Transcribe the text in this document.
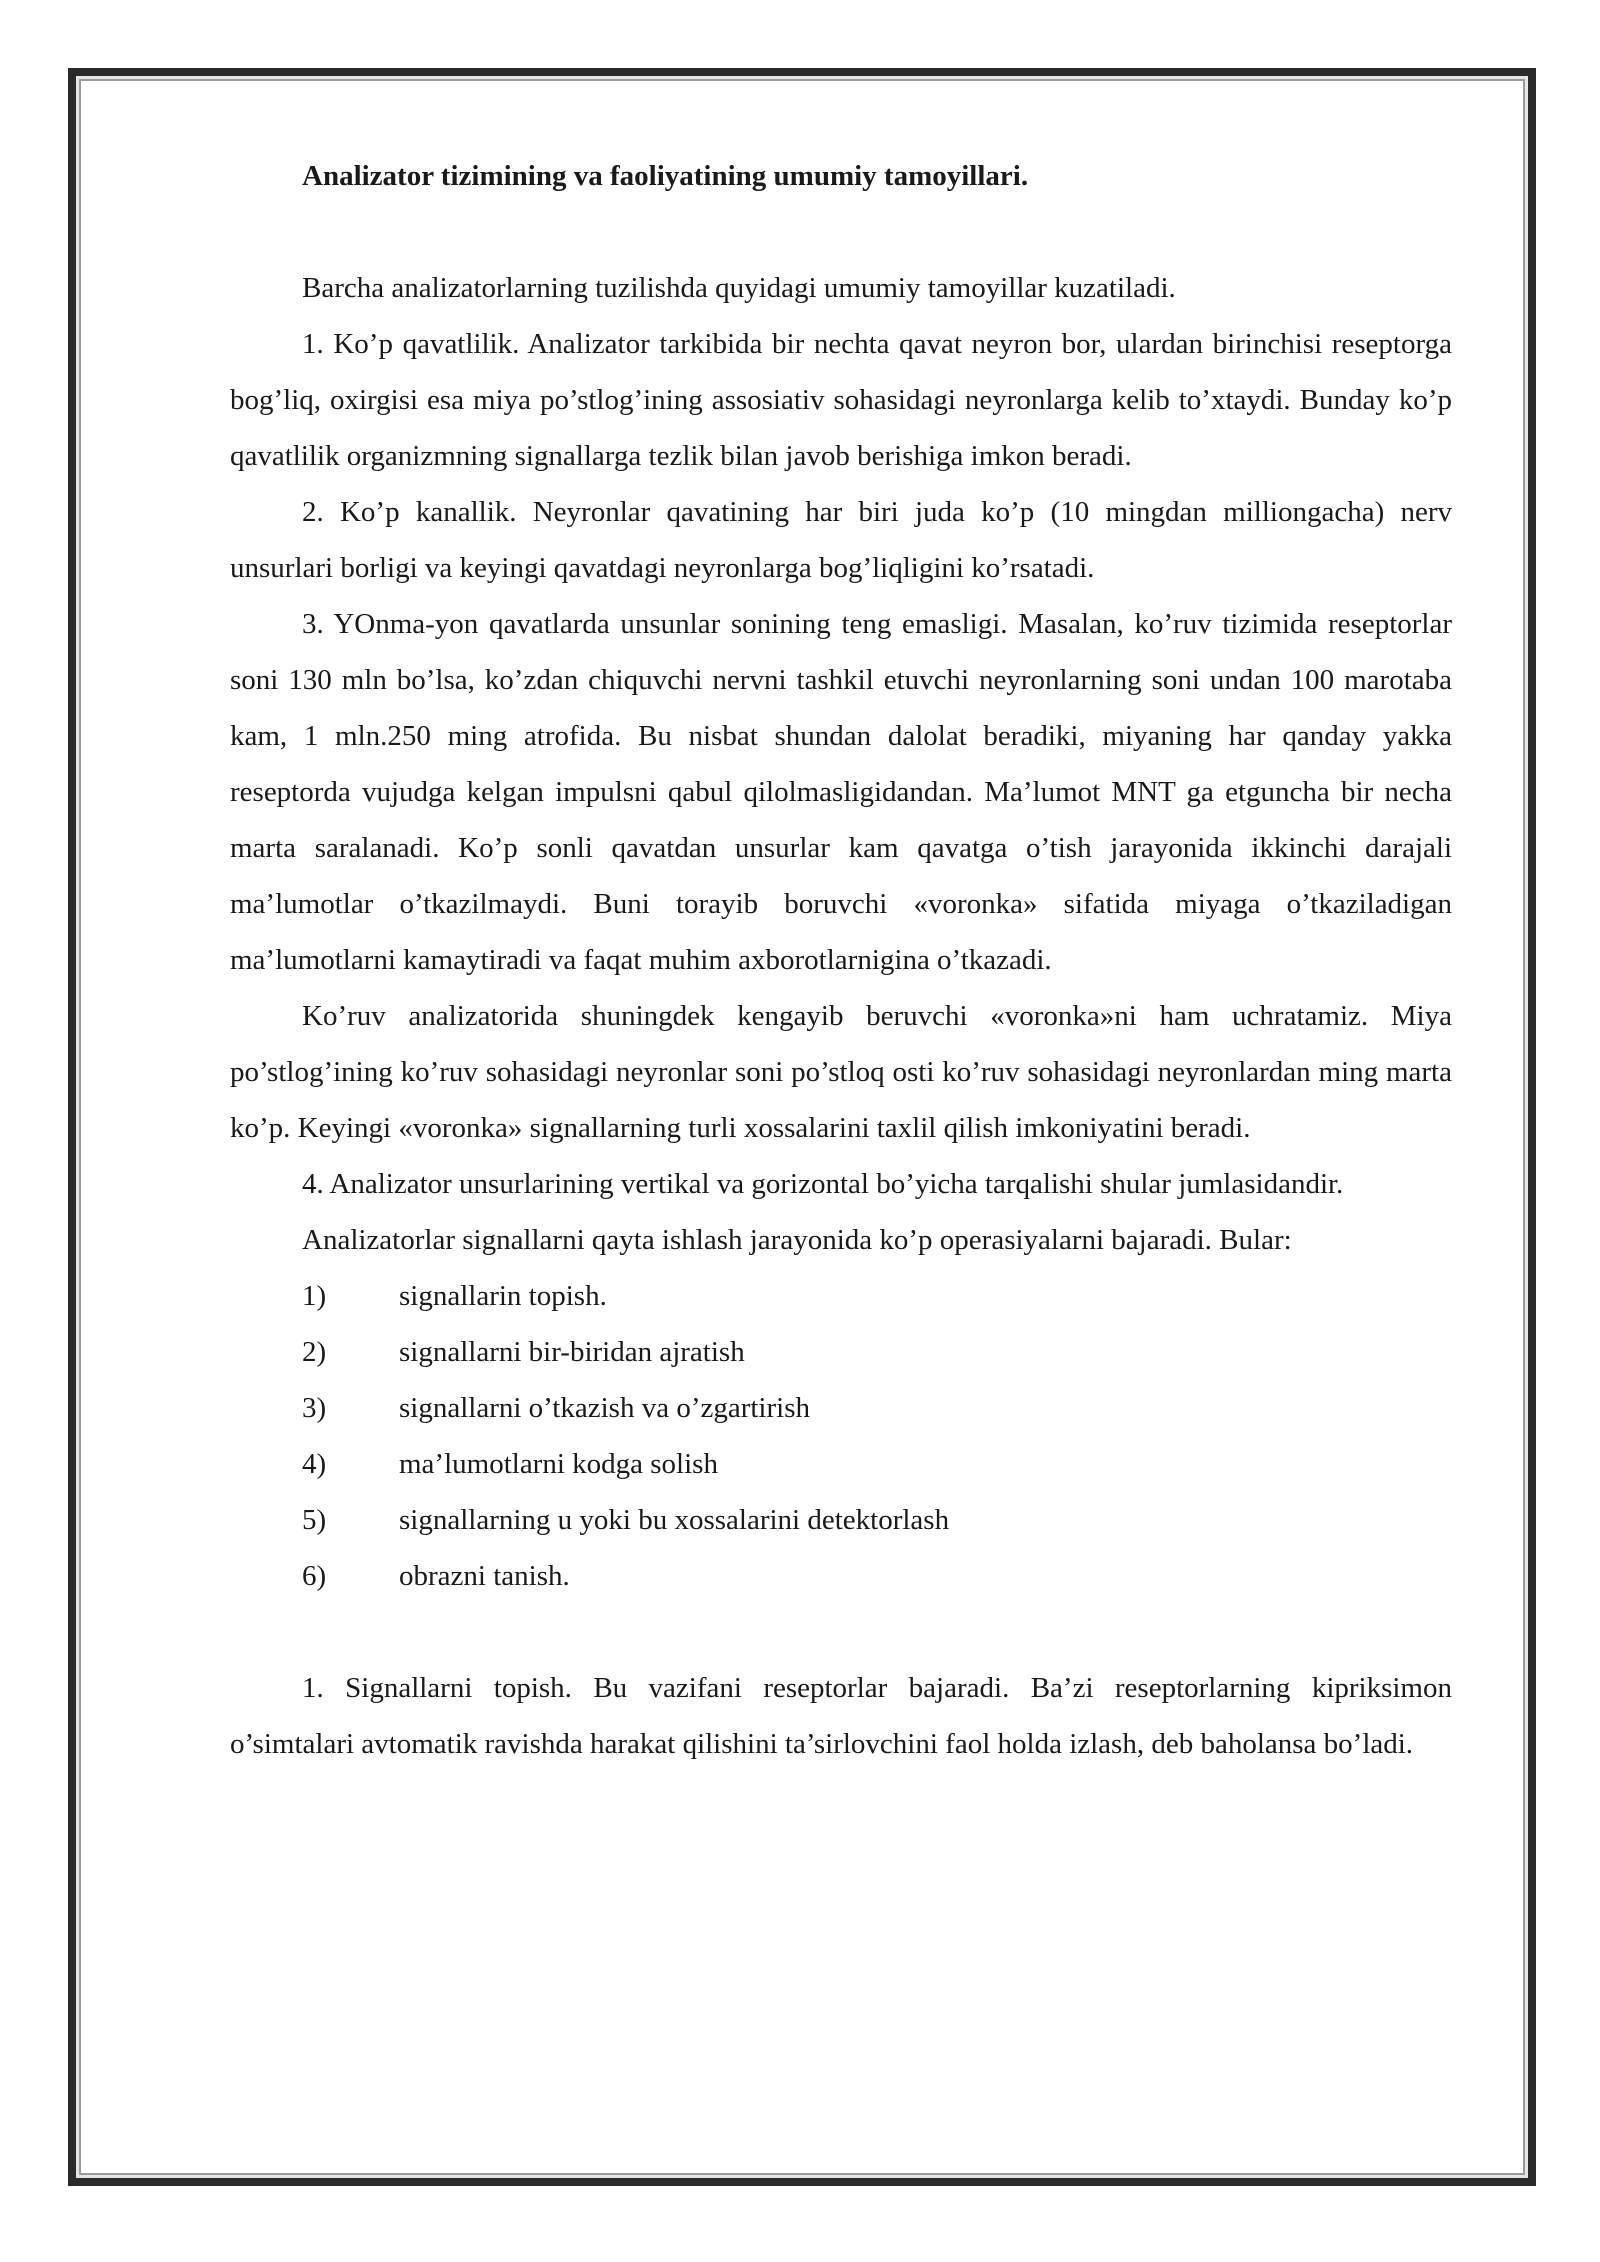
Analizator tizimining va faoliyatining umumiy tamoyillari.

Barcha analizatorlarning tuzilishda quyidagi umumiy tamoyillar kuzatiladi.

1. Ko’p qavatlilik. Analizator tarkibida bir nechta qavat neyron bor, ulardan birinchisi reseptorga bog’liq, oxirgisi esa miya po’stlog’ining assosiativ sohasidagi neyronlarga kelib to’xtaydi. Bunday ko’p qavatlilik organizmning signallarga tezlik bilan javob berishiga imkon beradi.

2. Ko’p kanallik. Neyronlar qavatining har biri juda ko’p (10 mingdan milliongacha) nerv unsurlari borligi va keyingi qavatdagi neyronlarga bog’liqligini ko’rsatadi.

3. YOnma-yon qavatlarda unsunlar sonining teng emasligi. Masalan, ko’ruv tizimida reseptorlar soni 130 mln bo’lsa, ko’zdan chiquvchi nervni tashkil etuvchi neyronlarning soni undan 100 marotaba kam, 1 mln.250 ming atrofida. Bu nisbat shundan dalolat beradiki, miyaning har qanday yakka reseptorda vujudga kelgan impulsni qabul qilolmasligidandan. Ma’lumot MNT ga etguncha bir necha marta saralanadi. Ko’p sonli qavatdan unsurlar kam qavatga o’tish jarayonida ikkinchi darajali ma’lumotlar o’tkazilmaydi. Buni torayib boruvchi «voronka» sifatida miyaga o’tkaziladigan ma’lumotlarni kamaytiradi va faqat muhim axborotlarnigina o’tkazadi.

Ko’ruv analizatorida shuningdek kengayib beruvchi «voronka»ni ham uchratamiz. Miya po’stlog’ining ko’ruv sohasidagi neyronlar soni po’stloq osti ko’ruv sohasidagi neyronlardan ming marta ko’p. Keyingi «voronka» signallarning turli xossalarini taxlil qilish imkoniyatini beradi.

4. Analizator unsurlarining vertikal va gorizontal bo’yicha tarqalishi shular jumlasidandir.

Analizatorlar signallarni qayta ishlash jarayonida ko’p operasiyalarni bajaradi. Bular:

1)	signallarin topish.
2)	signallarni bir-biridan ajratish
3)	signallarni o’tkazish va o’zgartirish
4)	ma’lumotlarni kodga solish
5)	signallarning u yoki bu xossalarini detektorlash
6)	obrazni tanish.

1. Signallarni topish. Bu vazifani reseptorlar bajaradi. Ba’zi reseptorlarning kipriksimon o’simtalari avtomatik ravishda harakat qilishini ta’sirlovchini faol holda izlash, deb baholansa bo’ladi.
